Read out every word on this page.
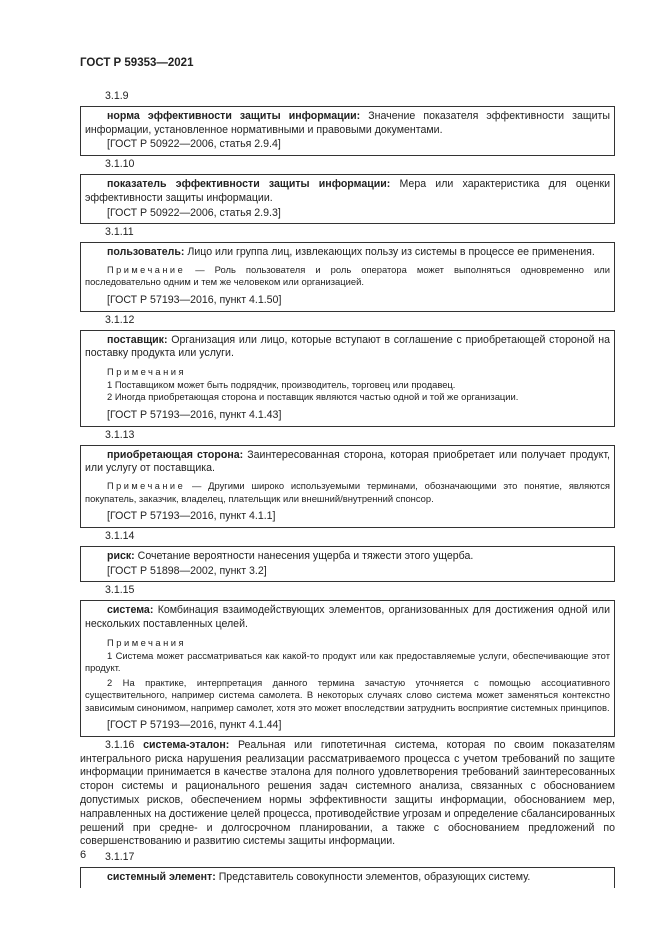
ГОСТ Р 59353—2021
3.1.9

норма эффективности защиты информации: Значение показателя эффективности защиты информации, установленное нормативными и правовыми документами.

[ГОСТ Р 50922—2006, статья 2.9.4]

3.1.10

показатель эффективности защиты информации: Мера или характеристика для оценки эффективности защиты информации.

[ГОСТ Р 50922—2006, статья 2.9.3]

3.1.11

пользователь: Лицо или группа лиц, извлекающих пользу из системы в процессе ее применения.

Примечание — Роль пользователя и роль оператора может выполняться одновременно или последовательно одним и тем же человеком или организацией.

[ГОСТ Р 57193—2016, пункт 4.1.50]

3.1.12

поставщик: Организация или лицо, которые вступают в соглашение с приобретающей стороной на поставку продукта или услуги.

Примечания
1 Поставщиком может быть подрядчик, производитель, торговец или продавец.
2 Иногда приобретающая сторона и поставщик являются частью одной и той же организации.

[ГОСТ Р 57193—2016, пункт 4.1.43]

3.1.13

приобретающая сторона: Заинтересованная сторона, которая приобретает или получает продукт, или услугу от поставщика.

Примечание — Другими широко используемыми терминами, обозначающими это понятие, являются покупатель, заказчик, владелец, плательщик или внешний/внутренний спонсор.

[ГОСТ Р 57193—2016, пункт 4.1.1]

3.1.14

риск: Сочетание вероятности нанесения ущерба и тяжести этого ущерба.

[ГОСТ Р 51898—2002, пункт 3.2]

3.1.15

система: Комбинация взаимодействующих элементов, организованных для достижения одной или нескольких поставленных целей.

Примечания
1 Система может рассматриваться как какой-то продукт или как предоставляемые услуги, обеспечивающие этот продукт.
2 На практике, интерпретация данного термина зачастую уточняется с помощью ассоциативного существительного, например система самолета. В некоторых случаях слово система может заменяться контекстно зависимым синонимом, например самолет, хотя это может впоследствии затруднить восприятие системных принципов.

[ГОСТ Р 57193—2016, пункт 4.1.44]

3.1.16 система-эталон: Реальная или гипотетичная система, которая по своим показателям интегрального риска нарушения реализации рассматриваемого процесса с учетом требований по защите информации принимается в качестве эталона для полного удовлетворения требований заинтересованных сторон системы и рационального решения задач системного анализа, связанных с обоснованием допустимых рисков, обеспечением нормы эффективности защиты информации, обоснованием мер, направленных на достижение целей процесса, противодействие угрозам и определение сбалансированных решений при средне- и долгосрочном планировании, а также с обоснованием предложений по совершенствованию и развитию системы защиты информации.

3.1.17

системный элемент: Представитель совокупности элементов, образующих систему.

6
